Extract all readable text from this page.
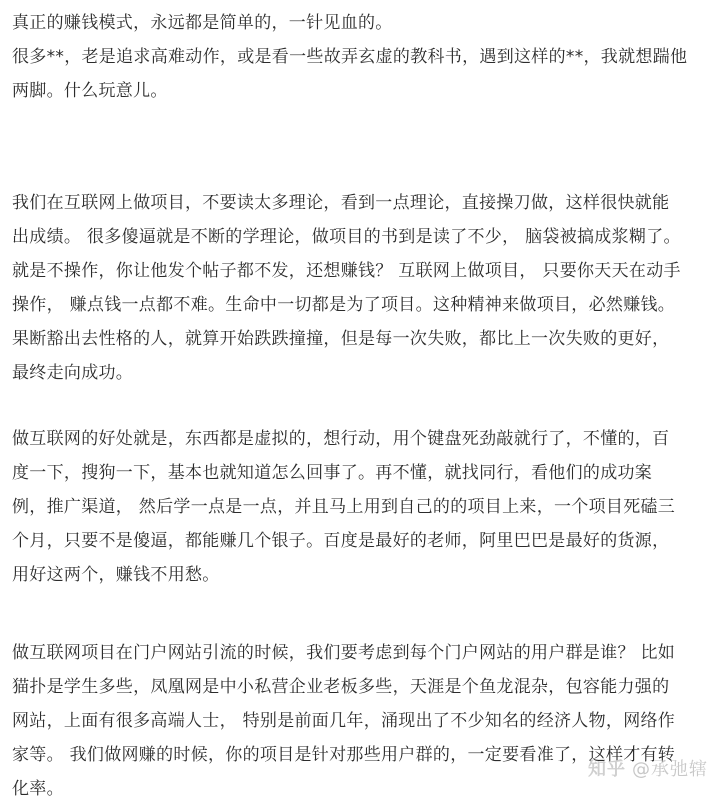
真正的赚钱模式，永远都是简单的，一针见血的。
很多**，老是追求高难动作，或是看一些故弄玄虚的教科书，遇到这样的**，我就想踹他
两脚。什么玩意儿。

我们在互联网上做项目，不要读太多理论，看到一点理论，直接操刀做，这样很快就能
出成绩。 很多傻逼就是不断的学理论，做项目的书到是读了不少， 脑袋被搞成浆糊了。
就是不操作，你让他发个帖子都不发，还想赚钱？ 互联网上做项目， 只要你天天在动手
操作， 赚点钱一点都不难。生命中一切都是为了项目。这种精神来做项目，必然赚钱。
果断豁出去性格的人，就算开始跌跌撞撞，但是每一次失败，都比上一次失败的更好，
最终走向成功。

做互联网的好处就是，东西都是虚拟的，想行动，用个键盘死劲敲就行了，不懂的，百
度一下，搜狗一下，基本也就知道怎么回事了。再不懂，就找同行，看他们的成功案
例，推广渠道， 然后学一点是一点，并且马上用到自己的的项目上来，一个项目死磕三
个月，只要不是傻逼，都能赚几个银子。百度是最好的老师，阿里巴巴是最好的货源，
用好这两个，赚钱不用愁。

做互联网项目在门户网站引流的时候，我们要考虑到每个门户网站的用户群是谁？ 比如
猫扑是学生多些，凤凰网是中小私营企业老板多些，天涯是个鱼龙混杂，包容能力强的
网站，上面有很多高端人士， 特别是前面几年，涌现出了不少知名的经济人物，网络作
家等。 我们做网赚的时候，你的项目是针对那些用户群的，一定要看准了，这样才有转
化率。

知乎 @承弛辖
